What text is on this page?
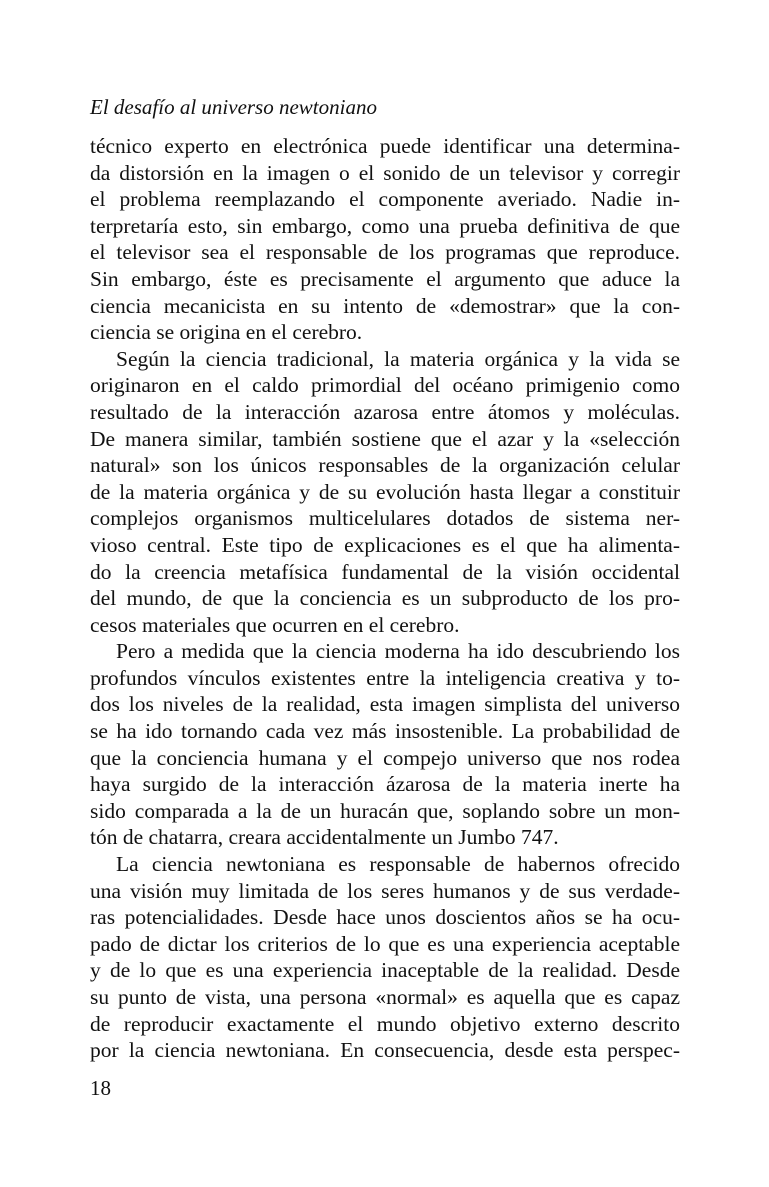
El desafío al universo newtoniano
técnico experto en electrónica puede identificar una determina-
da distorsión en la imagen o el sonido de un televisor y corregir
el problema reemplazando el componente averiado. Nadie in-
terpretaría esto, sin embargo, como una prueba definitiva de que
el televisor sea el responsable de los programas que reproduce.
Sin embargo, éste es precisamente el argumento que aduce la
ciencia mecanicista en su intento de «demostrar» que la con-
ciencia se origina en el cerebro.
Según la ciencia tradicional, la materia orgánica y la vida se
originaron en el caldo primordial del océano primigenio como
resultado de la interacción azarosa entre átomos y moléculas.
De manera similar, también sostiene que el azar y la «selección
natural» son los únicos responsables de la organización celular
de la materia orgánica y de su evolución hasta llegar a constituir
complejos organismos multicelulares dotados de sistema ner-
vioso central. Este tipo de explicaciones es el que ha alimenta-
do la creencia metafísica fundamental de la visión occidental
del mundo, de que la conciencia es un subproducto de los pro-
cesos materiales que ocurren en el cerebro.
Pero a medida que la ciencia moderna ha ido descubriendo los
profundos vínculos existentes entre la inteligencia creativa y to-
dos los niveles de la realidad, esta imagen simplista del universo
se ha ido tornando cada vez más insostenible. La probabilidad de
que la conciencia humana y el compejo universo que nos rodea
haya surgido de la interacción ázarosa de la materia inerte ha
sido comparada a la de un huracán que, soplando sobre un mon-
tón de chatarra, creara accidentalmente un Jumbo 747.
La ciencia newtoniana es responsable de habernos ofrecido
una visión muy limitada de los seres humanos y de sus verdade-
ras potencialidades. Desde hace unos doscientos años se ha ocu-
pado de dictar los criterios de lo que es una experiencia aceptable
y de lo que es una experiencia inaceptable de la realidad. Desde
su punto de vista, una persona «normal» es aquella que es capaz
de reproducir exactamente el mundo objetivo externo descrito
por la ciencia newtoniana. En consecuencia, desde esta perspec-
18
